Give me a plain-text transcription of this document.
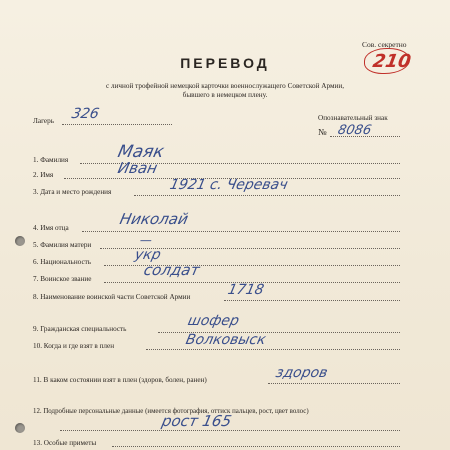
Сов. секретно
210
ПЕРЕВОД
с личной трофейной немецкой карточки военнослужащего Советской Армии,
бывшего в немецком плену.
Лагерь 326	Опознавательный знак
№ 8086
1. Фамилия	Маяк
2. Имя	Иван
3. Дата и место рождения	1921 с. Черевач
4. Имя отца	Николай
5. Фамилия матери	—
6. Национальность	укр
7. Воинское звание	солдат
8. Наименование воинской части Советской Армии	1718
9. Гражданская специальность	шофер
10. Когда и где взят в плен	Волковыск
11. В каком состоянии взят в плен (здоров, болен, ранен)	здоров
12. Подробные персональные данные (имеется фотография, оттиск пальцев, рост, цвет волос)
рост 165
13. Особые приметы
